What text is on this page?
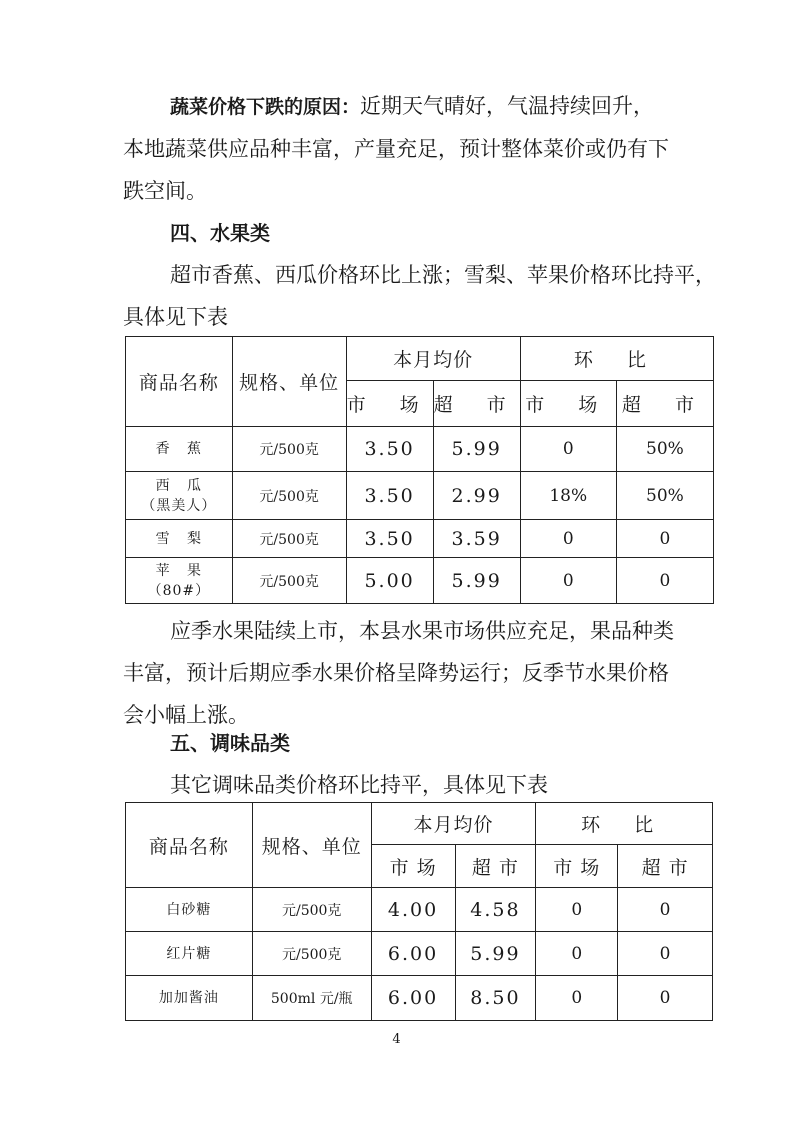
蔬菜价格下跌的原因：近期天气晴好，气温持续回升，
本地蔬菜供应品种丰富，产量充足，预计整体菜价或仍有下
跌空间。
四、水果类
超市香蕉、西瓜价格环比上涨；雪梨、苹果价格环比持平，
具体见下表
商品名称	规格、单位	本月均价		环 比	
		市 场	超 市	市 场	超 市
香   蕉	元/500克	3.50	5.99	0	50%

西   瓜
（黑美人）	元/500克	3.50	2.99	18%	50%
雪   梨	元/500克	3.50	3.59	0	0

苹   果
（80#）	元/500克	5.00	5.99	0	0
应季水果陆续上市，本县水果市场供应充足，果品种类
丰富，预计后期应季水果价格呈降势运行；反季节水果价格
会小幅上涨。
五、调味品类
其它调味品类价格环比持平，具体见下表
商品名称	规格、单位	本月均价		环 比	
		市 场	超 市	市 场	超 市
白砂糖	元/500克	4.00	4.58	0	0
红片糖	元/500克	6.00	5.99	0	0
加加酱油	500ml 元/瓶	6.00	8.50	0	0
4
